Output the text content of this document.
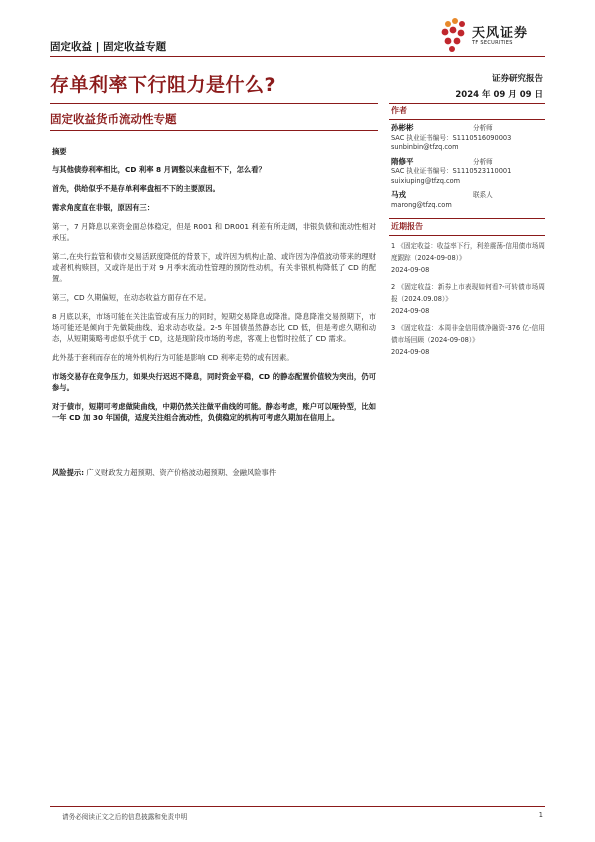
固定收益 | 固定收益专题
天风证券
TF SECURITIES
存单利率下行阻力是什么?	证券研究报告
2024 年 09 月 09 日
固定收益货币流动性专题

摘要

与其他债券利率相比，CD 利率 8 月调整以来盘桓不下，怎么看？

首先，供给似乎不是存单利率盘桓不下的主要原因。

需求角度直在非银，原因有三：

第一，7 月降息以来资金面总体稳定，但是 R001 和 DR001 利差有所走阔，非银负债和流动性相对承压。

第二,在央行监管和债市交易活跃度降低的背景下，或许因为机构止盈、或许因为净值波动带来的理财或者机构赎回，又或许是出于对 9 月季末流动性管理的预防性动机，有关非银机构降低了 CD 的配置。

第三，CD 久期偏短，在动态收益方面存在不足。

8 月底以来，市场可能在关注监管或有压力的同时，短期交易降息或降准。降息降准交易预期下，市场可能还是倾向于先做陡曲线、追求动态收益。2-5 年国债虽然静态比 CD 低，但是考虑久期和动态，从短期策略考虑似乎优于 CD，这是现阶段市场的考虑，客观上也暂时拉低了 CD 需求。

此外基于套利而存在的境外机构行为可能是影响 CD 利率走势的或有因素。

市场交易存在竞争压力，如果央行迟迟不降息，同时资金平稳，CD 的静态配置价值较为突出，仍可参与。

对于债市，短期可考虑做陡曲线，中期仍然关注做平曲线的可能。静态考虑，账户可以哑铃型，比如一年 CD 加 30 年国债，适度关注组合流动性，负债稳定的机构可考虑久期加在信用上。

风险提示: 广义财政发力超预期、资产价格波动超预期、金融风险事件

作者
孙彬彬	分析师
SAC 执业证书编号：S1110516090003
sunbinbin@tfzq.com
隋修平	分析师
SAC 执业证书编号：S1110523110001
suixiuping@tfzq.com
马戎	联系人
marong@tfzq.com
近期报告
1 《固定收益：收益率下行，利差震荡-信用债市场周度跟踪（2024-09-08）》
2024-09-08
2 《固定收益：新券上市表现如何看?-可转债市场周报（2024.09.08）》
2024-09-08
3 《固定收益：本周非金信用债净融资-376 亿-信用债市场回顾（2024-09-08）》
2024-09-08
请务必阅读正文之后的信息披露和免责申明	1
